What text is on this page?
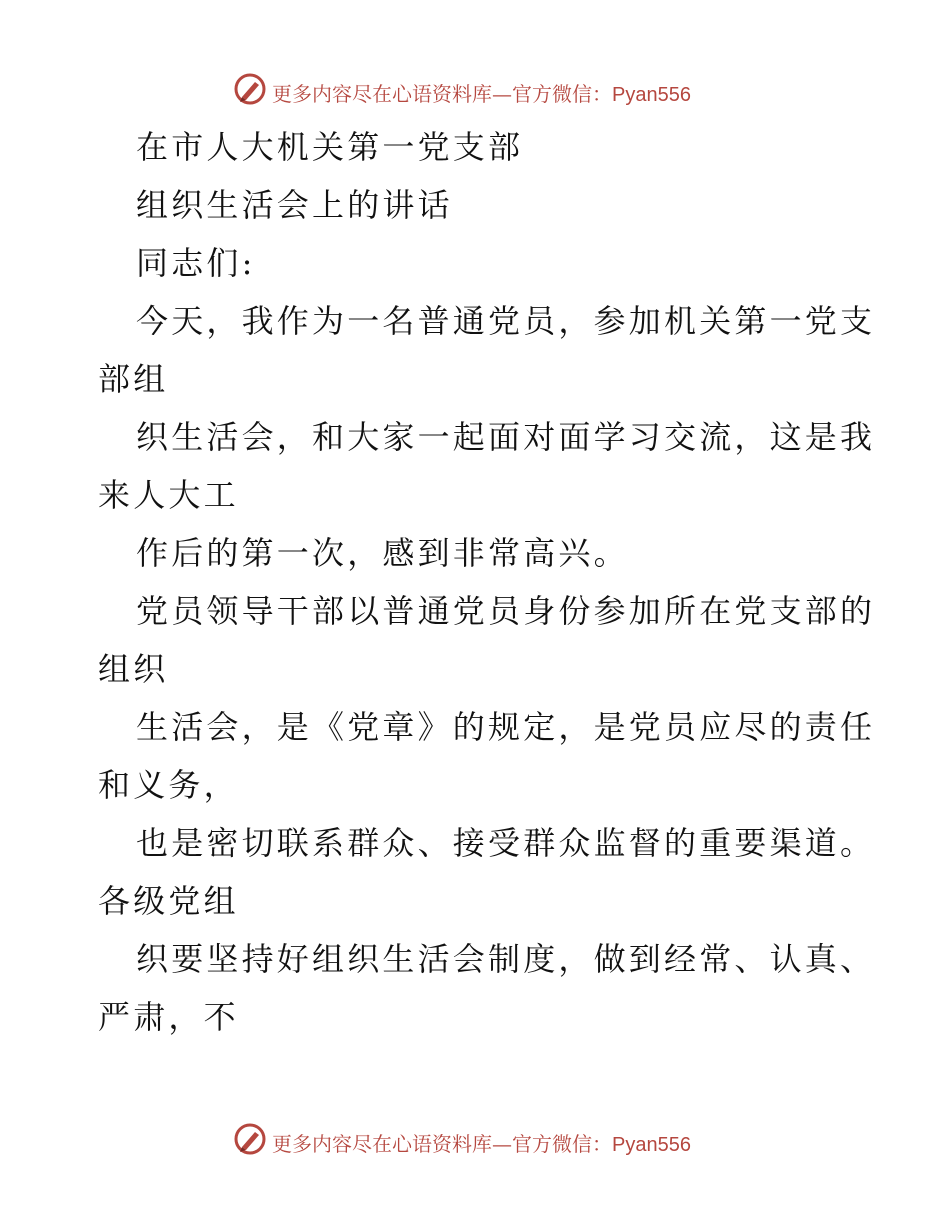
更多内容尽在心语资料库—官方微信：Pyan556
在市人大机关第一党支部
组织生活会上的讲话
同志们:
今天，我作为一名普通党员，参加机关第一党支
部组
织生活会，和大家一起面对面学习交流，这是我
来人大工
作后的第一次，感到非常高兴。
党员领导干部以普通党员身份参加所在党支部的
组织
生活会，是《党章》的规定，是党员应尽的责任
和义务，
也是密切联系群众、接受群众监督的重要渠道。
各级党组
织要坚持好组织生活会制度，做到经常、认真、
严肃，不
更多内容尽在心语资料库—官方微信：Pyan556
